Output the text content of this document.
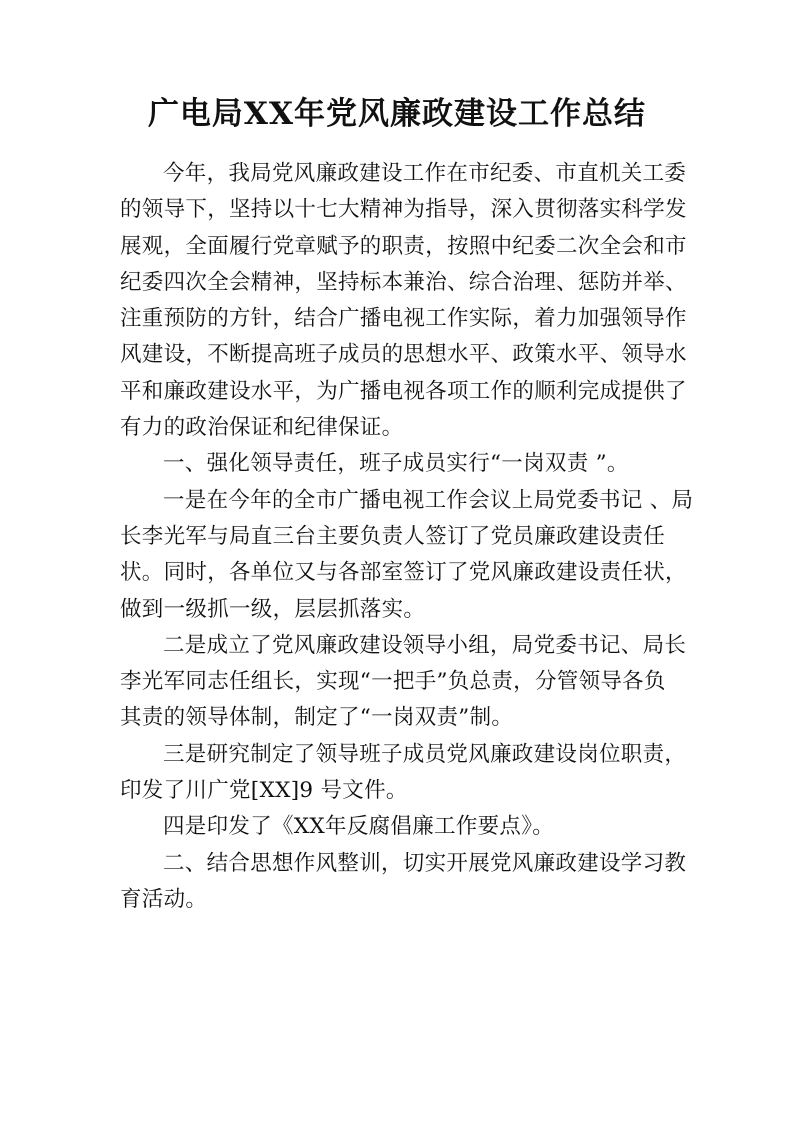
广电局XX年党风廉政建设工作总结
今年，我局党风廉政建设工作在市纪委、市直机关工委
的领导下，坚持以十七大精神为指导，深入贯彻落实科学发
展观，全面履行党章赋予的职责，按照中纪委二次全会和市
纪委四次全会精神，坚持标本兼治、综合治理、惩防并举、
注重预防的方针，结合广播电视工作实际，着力加强领导作
风建设，不断提高班子成员的思想水平、政策水平、领导水
平和廉政建设水平，为广播电视各项工作的顺利完成提供了
有力的政治保证和纪律保证。
一、强化领导责任，班子成员实行“一岗双责 ”。
一是在今年的全市广播电视工作会议上局党委书记 、局
长李光军与局直三台主要负责人签订了党员廉政建设责任
状。同时，各单位又与各部室签订了党风廉政建设责任状，
做到一级抓一级，层层抓落实。
二是成立了党风廉政建设领导小组，局党委书记、局长
李光军同志任组长，实现“一把手”负总责，分管领导各负
其责的领导体制，制定了“一岗双责”制。
三是研究制定了领导班子成员党风廉政建设岗位职责，
印发了川广党[XX]9 号文件。
四是印发了《XX年反腐倡廉工作要点》。
二、结合思想作风整训，切实开展党风廉政建设学习教
育活动。
